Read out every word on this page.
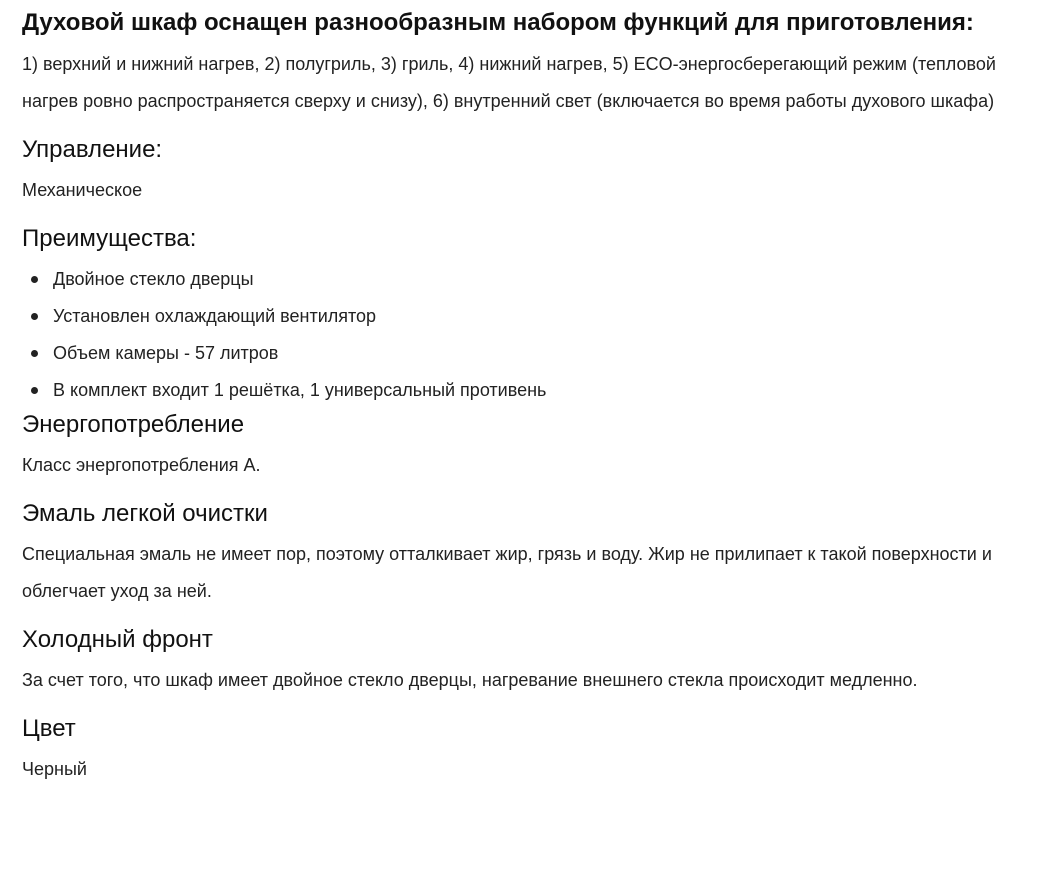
Духовой шкаф оснащен разнообразным набором функций для приготовления:

1) верхний и нижний нагрев, 2) полугриль, 3) гриль, 4) нижний нагрев, 5) ECO-энергосберегающий режим (тепловой нагрев ровно распространяется сверху и снизу), 6) внутренний свет (включается во время работы духового шкафа)

Управление:

Механическое

Преимущества:
Двойное стекло дверцы
Установлен охлаждающий вентилятор
Объем камеры - 57 литров
В комплект входит 1 решётка, 1 универсальный противень
Энергопотребление

Класс энергопотребления А.

Эмаль легкой очистки

Специальная эмаль не имеет пор, поэтому отталкивает жир, грязь и воду. Жир не прилипает к такой поверхности и облегчает уход за ней.

Холодный фронт

За счет того, что шкаф имеет двойное стекло дверцы, нагревание внешнего стекла происходит медленно.

Цвет

Черный
